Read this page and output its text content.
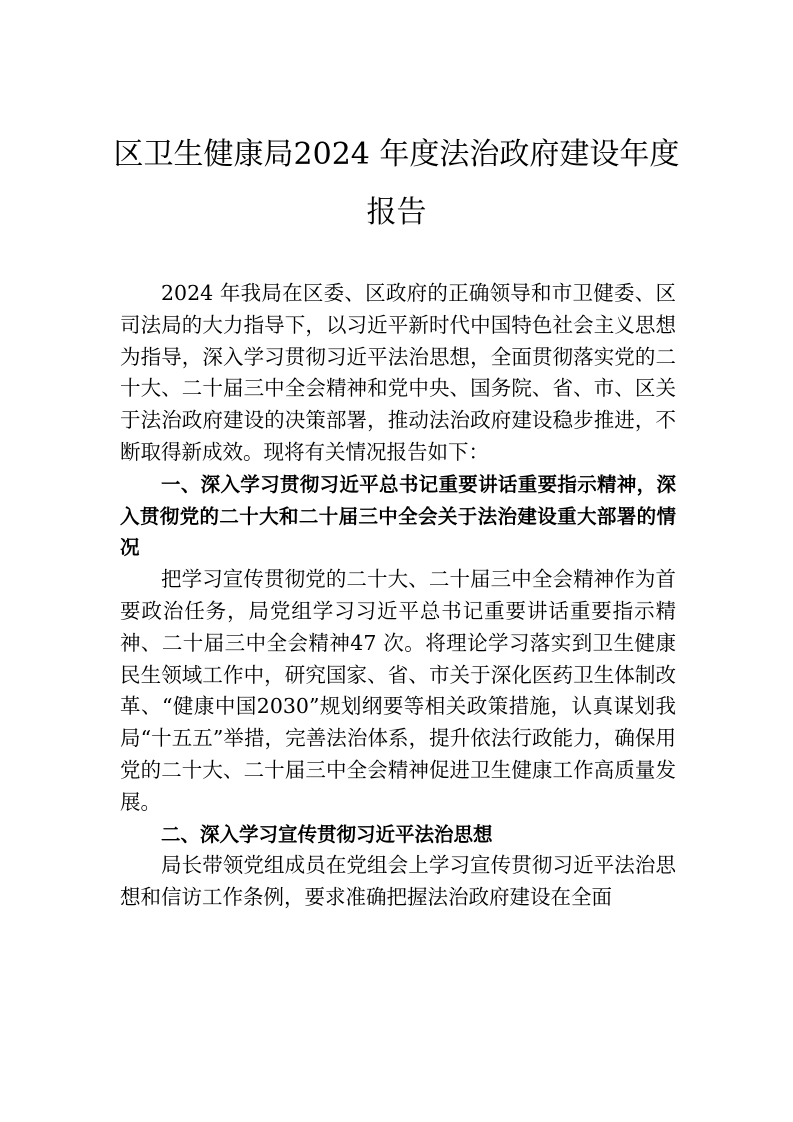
区卫生健康局2024 年度法治政府建设年度
报告

2024 年我局在区委、区政府的正确领导和市卫健委、区司法局的大力指导下，以习近平新时代中国特色社会主义思想为指导，深入学习贯彻习近平法治思想，全面贯彻落实党的二十大、二十届三中全会精神和党中央、国务院、省、市、区关于法治政府建设的决策部署，推动法治政府建设稳步推进，不断取得新成效。现将有关情况报告如下：

一、深入学习贯彻习近平总书记重要讲话重要指示精神，深入贯彻党的二十大和二十届三中全会关于法治建设重大部署的情况

把学习宣传贯彻党的二十大、二十届三中全会精神作为首要政治任务，局党组学习习近平总书记重要讲话重要指示精神、二十届三中全会精神47 次。将理论学习落实到卫生健康民生领域工作中，研究国家、省、市关于深化医药卫生体制改革、“健康中国2030”规划纲要等相关政策措施，认真谋划我局“十五五”举措，完善法治体系，提升依法行政能力，确保用党的二十大、二十届三中全会精神促进卫生健康工作高质量发展。

二、深入学习宣传贯彻习近平法治思想

局长带领党组成员在党组会上学习宣传贯彻习近平法治思想和信访工作条例，要求准确把握法治政府建设在全面
